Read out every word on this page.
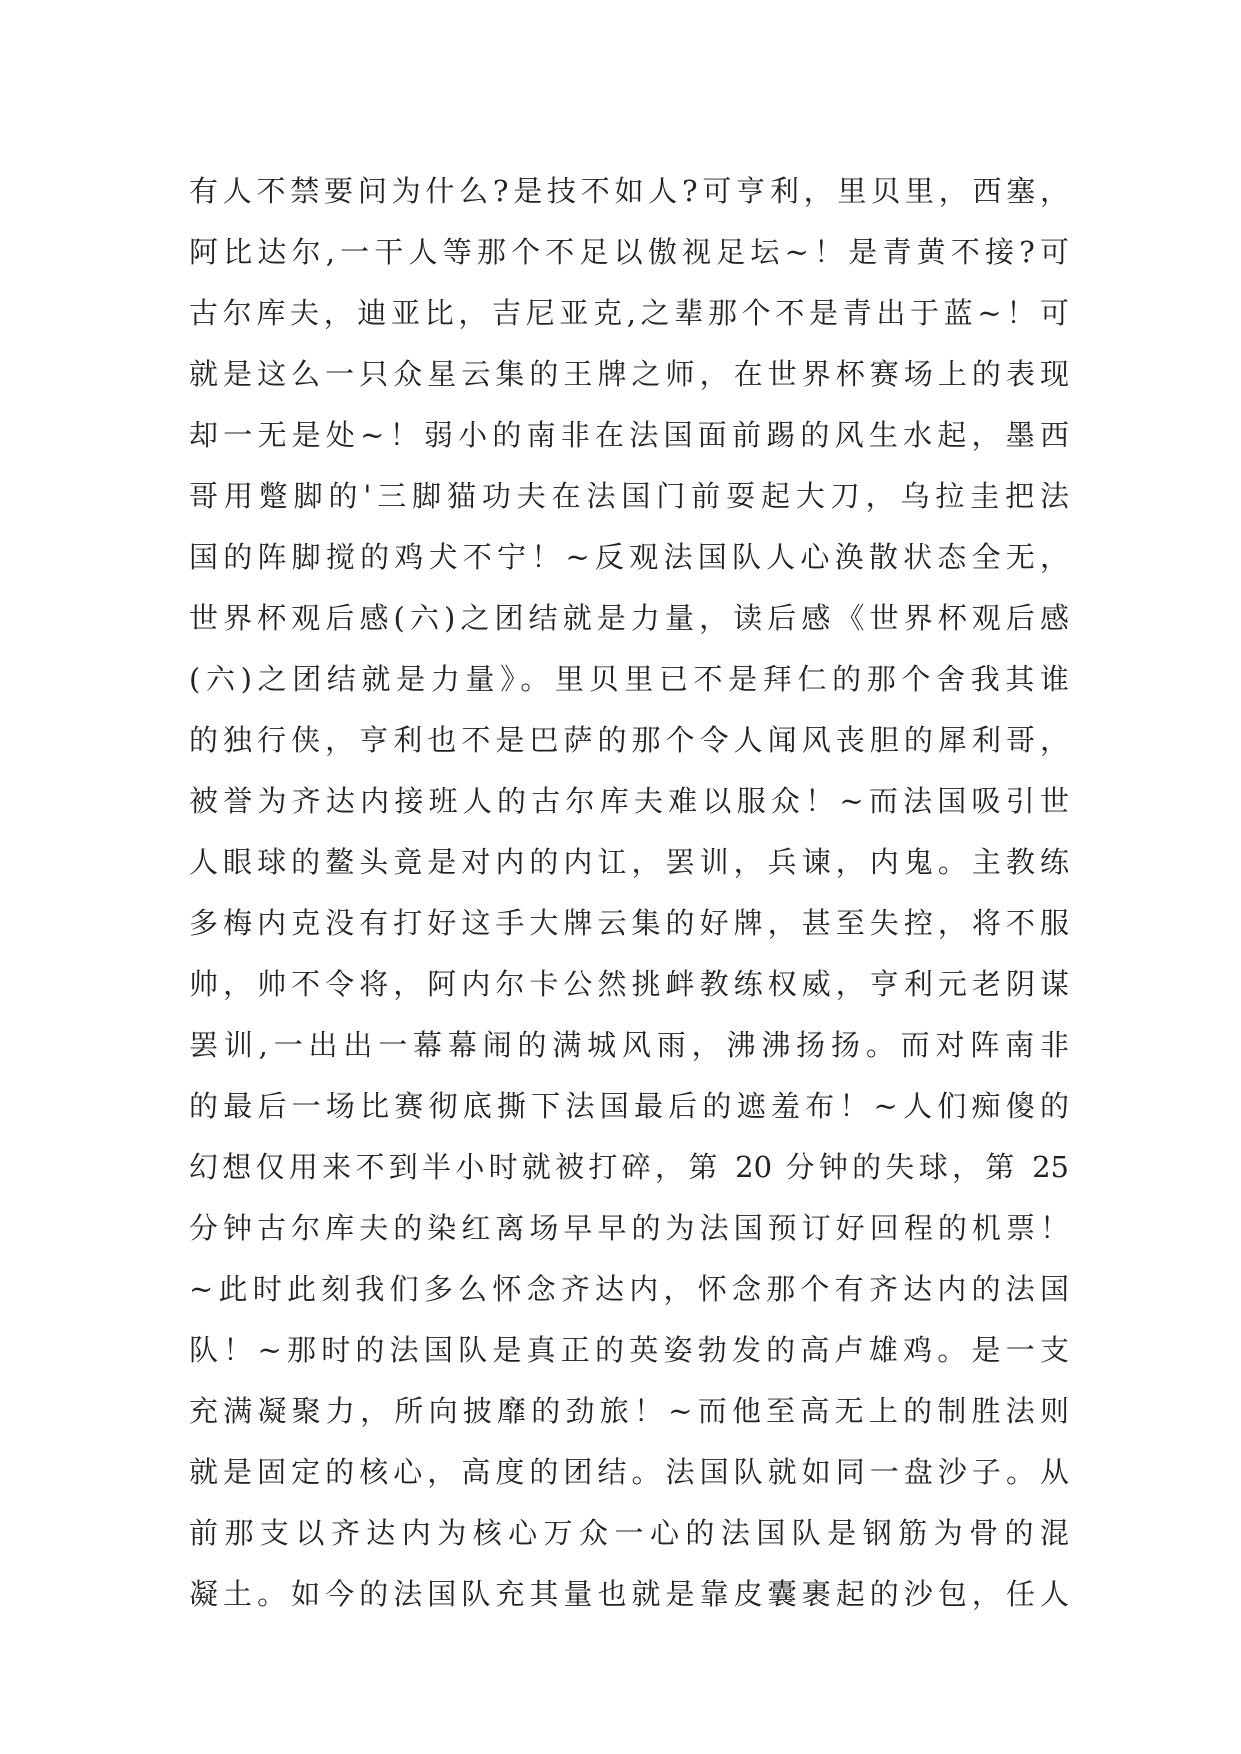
有人不禁要问为什么?是技不如人?可亨利，里贝里，西塞，
阿比达尔,一干人等那个不足以傲视足坛~！是青黄不接?可
古尔库夫，迪亚比，吉尼亚克,之辈那个不是青出于蓝~！可
就是这么一只众星云集的王牌之师，在世界杯赛场上的表现
却一无是处~！弱小的南非在法国面前踢的风生水起，墨西
哥用蹩脚的'三脚猫功夫在法国门前耍起大刀，乌拉圭把法
国的阵脚搅的鸡犬不宁！~反观法国队人心涣散状态全无，
世界杯观后感(六)之团结就是力量，读后感《世界杯观后感
(六)之团结就是力量》。里贝里已不是拜仁的那个舍我其谁
的独行侠，亨利也不是巴萨的那个令人闻风丧胆的犀利哥，
被誉为齐达内接班人的古尔库夫难以服众！~而法国吸引世
人眼球的鳌头竟是对内的内讧，罢训，兵谏，内鬼。主教练
多梅内克没有打好这手大牌云集的好牌，甚至失控，将不服
帅，帅不令将，阿内尔卡公然挑衅教练权威，亨利元老阴谋
罢训,一出出一幕幕闹的满城风雨，沸沸扬扬。而对阵南非
的最后一场比赛彻底撕下法国最后的遮羞布！~人们痴傻的
幻想仅用来不到半小时就被打碎，第 20 分钟的失球，第 25
分钟古尔库夫的染红离场早早的为法国预订好回程的机票！
~此时此刻我们多么怀念齐达内，怀念那个有齐达内的法国
队！~那时的法国队是真正的英姿勃发的高卢雄鸡。是一支
充满凝聚力，所向披靡的劲旅！~而他至高无上的制胜法则
就是固定的核心，高度的团结。法国队就如同一盘沙子。从
前那支以齐达内为核心万众一心的法国队是钢筋为骨的混
凝土。如今的法国队充其量也就是靠皮囊裹起的沙包，任人
